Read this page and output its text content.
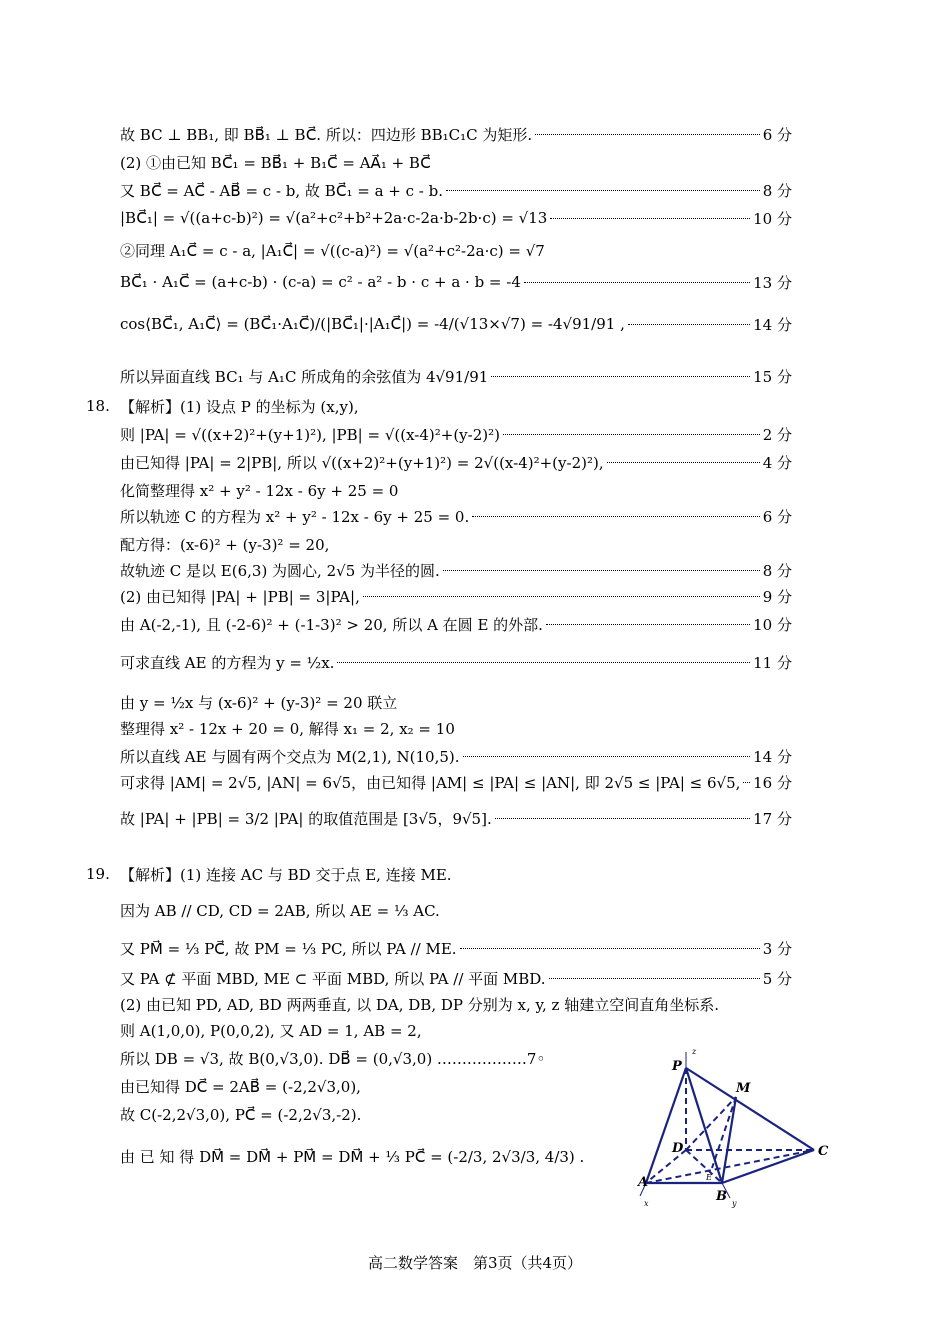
18.
19.
故 BC ⊥ BB₁, 即 BB⃗₁ ⊥ BC⃗. 所以：四边形 BB₁C₁C 为矩形.	6 分
(2) ①由已知 BC⃗₁ = BB⃗₁ + B₁C⃗ = AA⃗₁ + BC⃗
又 BC⃗ = AC⃗ - AB⃗ = c - b, 故 BC⃗₁ = a + c - b.	8 分
|BC⃗₁| = √((a+c-b)²) = √(a²+c²+b²+2a·c-2a·b-2b·c) = √13	10 分
②同理 A₁C⃗ = c - a, |A₁C⃗| = √((c-a)²) = √(a²+c²-2a·c) = √7
BC⃗₁ · A₁C⃗ = (a+c-b) · (c-a) = c² - a² - b · c + a · b = -4	13 分
cos⟨BC⃗₁, A₁C⃗⟩ = (BC⃗₁·A₁C⃗)/(|BC⃗₁|·|A₁C⃗|) = -4/(√13×√7) = -4√91/91 ,	14 分
所以异面直线 BC₁ 与 A₁C 所成角的余弦值为 4√91/91	15 分
【解析】(1) 设点 P 的坐标为 (x,y),
则 |PA| = √((x+2)²+(y+1)²), |PB| = √((x-4)²+(y-2)²)	2 分
由已知得 |PA| = 2|PB|, 所以 √((x+2)²+(y+1)²) = 2√((x-4)²+(y-2)²),	4 分
化简整理得 x² + y² - 12x - 6y + 25 = 0
所以轨迹 C 的方程为 x² + y² - 12x - 6y + 25 = 0.	6 分
配方得：(x-6)² + (y-3)² = 20,
故轨迹 C 是以 E(6,3) 为圆心, 2√5 为半径的圆.	8 分
(2) 由已知得 |PA| + |PB| = 3|PA|,	9 分
由 A(-2,-1), 且 (-2-6)² + (-1-3)² > 20, 所以 A 在圆 E 的外部.	10 分
可求直线 AE 的方程为 y = ½x.	11 分
由 y = ½x 与 (x-6)² + (y-3)² = 20 联立
整理得 x² - 12x + 20 = 0, 解得 x₁ = 2, x₂ = 10
所以直线 AE 与圆有两个交点为 M(2,1), N(10,5).	14 分
可求得 |AM| = 2√5, |AN| = 6√5，由已知得 |AM| ≤ |PA| ≤ |AN|, 即 2√5 ≤ |PA| ≤ 6√5, 16 分
故 |PA| + |PB| = 3/2 |PA| 的取值范围是 [3√5，9√5].	17 分
【解析】(1) 连接 AC 与 BD 交于点 E, 连接 ME.
因为 AB // CD, CD = 2AB, 所以 AE = ⅓ AC.
又 PM⃗ = ⅓ PC⃗, 故 PM = ⅓ PC, 所以 PA // ME.	3 分
又 PA ⊄ 平面 MBD, ME ⊂ 平面 MBD, 所以 PA // 平面 MBD.	5 分
(2) 由已知 PD, AD, BD 两两垂直, 以 DA, DB, DP 分别为 x, y, z 轴建立空间直角坐标系.
则 A(1,0,0), P(0,0,2), 又 AD = 1, AB = 2,
所以 DB = √3, 故 B(0,√3,0). DB⃗ = (0,√3,0) ………………7◦
由已知得 DC⃗ = 2AB⃗ = (-2,2√3,0),
故 C(-2,2√3,0), PC⃗ = (-2,2√3,-2).
由 已 知 得 DM⃗ = DM⃗ + PM⃗ = DM⃗ + ⅓ PC⃗ = (-2/3, 2√3/3, 4/3) .
P
M
D	C
A
B
E
z
x	y
高二数学答案　第3页（共4页）
